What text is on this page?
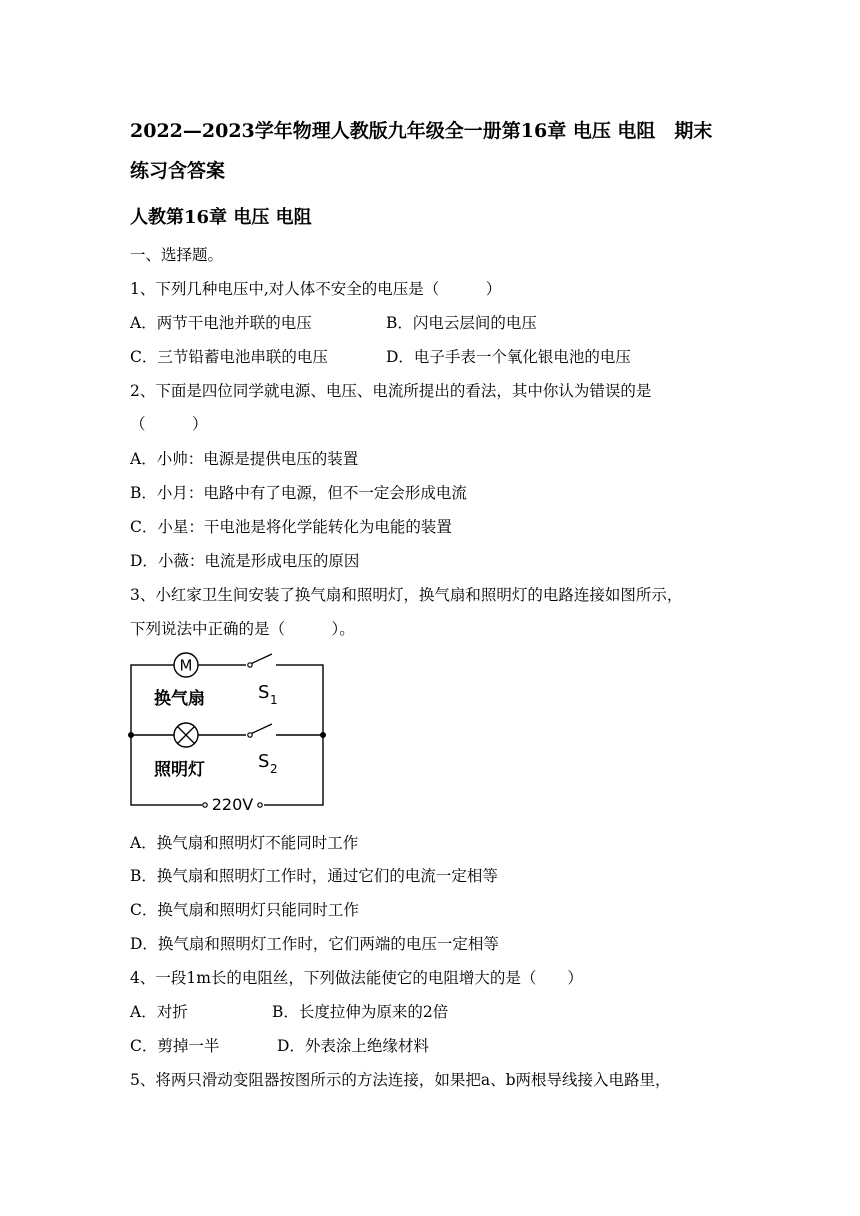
2022—2023学年物理人教版九年级全一册第16章 电压 电阻　期末
练习含答案
人教第16章 电压 电阻
一、选择题。
1、下列几种电压中,对人体不安全的电压是（　　　）
A．两节干电池并联的电压	B．闪电云层间的电压
C．三节铅蓄电池串联的电压	D．电子手表一个氧化银电池的电压
2、下面是四位同学就电源、电压、电流所提出的看法，其中你认为错误的是
（　　　）
A．小帅：电源是提供电压的装置
B．小月：电路中有了电源，但不一定会形成电流
C．小星：干电池是将化学能转化为电能的装置
D．小薇：电流是形成电压的原因
3、小红家卫生间安装了换气扇和照明灯，换气扇和照明灯的电路连接如图所示，
下列说法中正确的是（　　　）。
M
换气扇
照明灯
S 1
S 2
220V
A．换气扇和照明灯不能同时工作
B．换气扇和照明灯工作时，通过它们的电流一定相等
C．换气扇和照明灯只能同时工作
D．换气扇和照明灯工作时，它们两端的电压一定相等
4、一段1m长的电阻丝，下列做法能使它的电阻增大的是（　　）
A．对折	B．长度拉伸为原来的2倍
C．剪掉一半	D．外表涂上绝缘材料
5、将两只滑动变阻器按图所示的方法连接，如果把a、b两根导线接入电路里，
